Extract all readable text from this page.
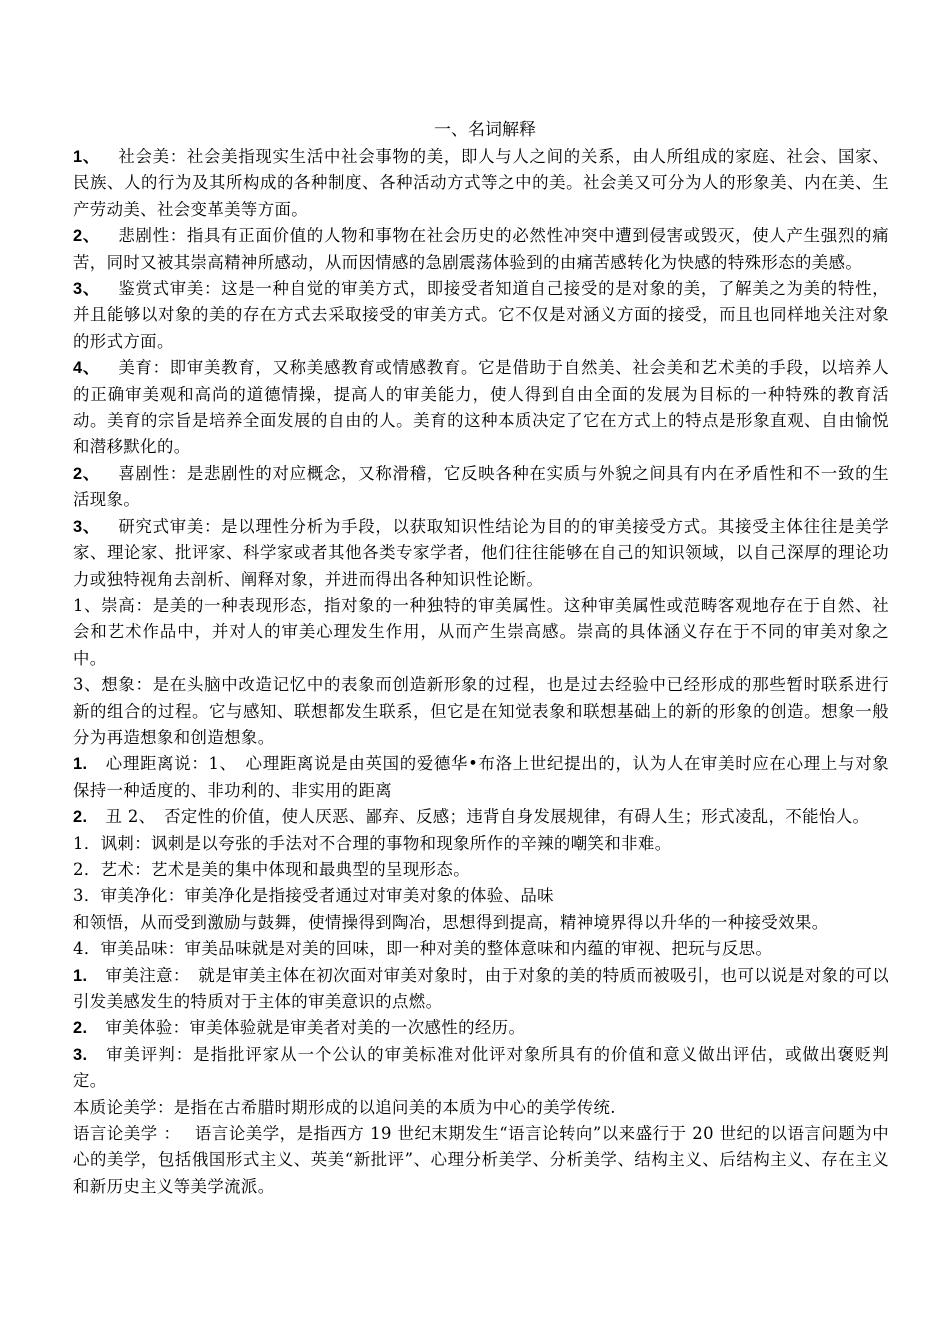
一、名词解释

1、 社会美：社会美指现实生活中社会事物的美，即人与人之间的关系，由人所组成的家庭、社会、国家、民族、人的行为及其所构成的各种制度、各种活动方式等之中的美。社会美又可分为人的形象美、内在美、生产劳动美、社会变革美等方面。

2、 悲剧性：指具有正面价值的人物和事物在社会历史的必然性冲突中遭到侵害或毁灭，使人产生强烈的痛苦，同时又被其崇高精神所感动，从而因情感的急剧震荡体验到的由痛苦感转化为快感的特殊形态的美感。

3、 鉴赏式审美：这是一种自觉的审美方式，即接受者知道自己接受的是对象的美，了解美之为美的特性，并且能够以对象的美的存在方式去采取接受的审美方式。它不仅是对涵义方面的接受，而且也同样地关注对象的形式方面。

4、 美育：即审美教育，又称美感教育或情感教育。它是借助于自然美、社会美和艺术美的手段，以培养人的正确审美观和高尚的道德情操，提高人的审美能力，使人得到自由全面的发展为目标的一种特殊的教育活动。美育的宗旨是培养全面发展的自由的人。美育的这种本质决定了它在方式上的特点是形象直观、自由愉悦和潜移默化的。

2、 喜剧性：是悲剧性的对应概念，又称滑稽，它反映各种在实质与外貌之间具有内在矛盾性和不一致的生活现象。

3、 研究式审美：是以理性分析为手段，以获取知识性结论为目的的审美接受方式。其接受主体往往是美学家、理论家、批评家、科学家或者其他各类专家学者，他们往往能够在自己的知识领域，以自己深厚的理论功力或独特视角去剖析、阐释对象，并进而得出各种知识性论断。

1、崇高：是美的一种表现形态，指对象的一种独特的审美属性。这种审美属性或范畴客观地存在于自然、社会和艺术作品中，并对人的审美心理发生作用，从而产生崇高感。崇高的具体涵义存在于不同的审美对象之中。

3、想象：是在头脑中改造记忆中的表象而创造新形象的过程，也是过去经验中已经形成的那些暂时联系进行新的组合的过程。它与感知、联想都发生联系，但它是在知觉表象和联想基础上的新的形象的创造。想象一般分为再造想象和创造想象。

1. 心理距离说：1、　心理距离说是由英国的爱德华•布洛上世纪提出的，认为人在审美时应在心理上与对象保持一种适度的、非功利的、非实用的距离

2. 丑 2、　否定性的价值，使人厌恶、鄙弃、反感；违背自身发展规律，有碍人生；形式凌乱，不能怡人。

1．讽刺：讽刺是以夸张的手法对不合理的事物和现象所作的辛辣的嘲笑和非难。

2．艺术：艺术是美的集中体现和最典型的呈现形态。

3．审美净化：审美净化是指接受者通过对审美对象的体验、品味

和领悟，从而受到激励与鼓舞，使情操得到陶冶，思想得到提高，精神境界得以升华的一种接受效果。

4．审美品味：审美品味就是对美的回味，即一种对美的整体意味和内蕴的审视、把玩与反思。

1. 审美注意：　就是审美主体在初次面对审美对象时，由于对象的美的特质而被吸引，也可以说是对象的可以引发美感发生的特质对于主体的审美意识的点燃。

2. 审美体验：审美体验就是审美者对美的一次感性的经历。

3. 审美评判：是指批评家从一个公认的审美标准对仳评对象所具有的价值和意义做出评估，或做出褒贬判定。

本质论美学：是指在古希腊时期形成的以追问美的本质为中心的美学传统.

语言论美学 ：　 语言论美学，是指西方 19 世纪末期发生“语言论转向”以来盛行于 20 世纪的以语言问题为中心的美学，包括俄国形式主义、英美“新批评”、心理分析美学、分析美学、结构主义、后结构主义、存在主义和新历史主义等美学流派。
